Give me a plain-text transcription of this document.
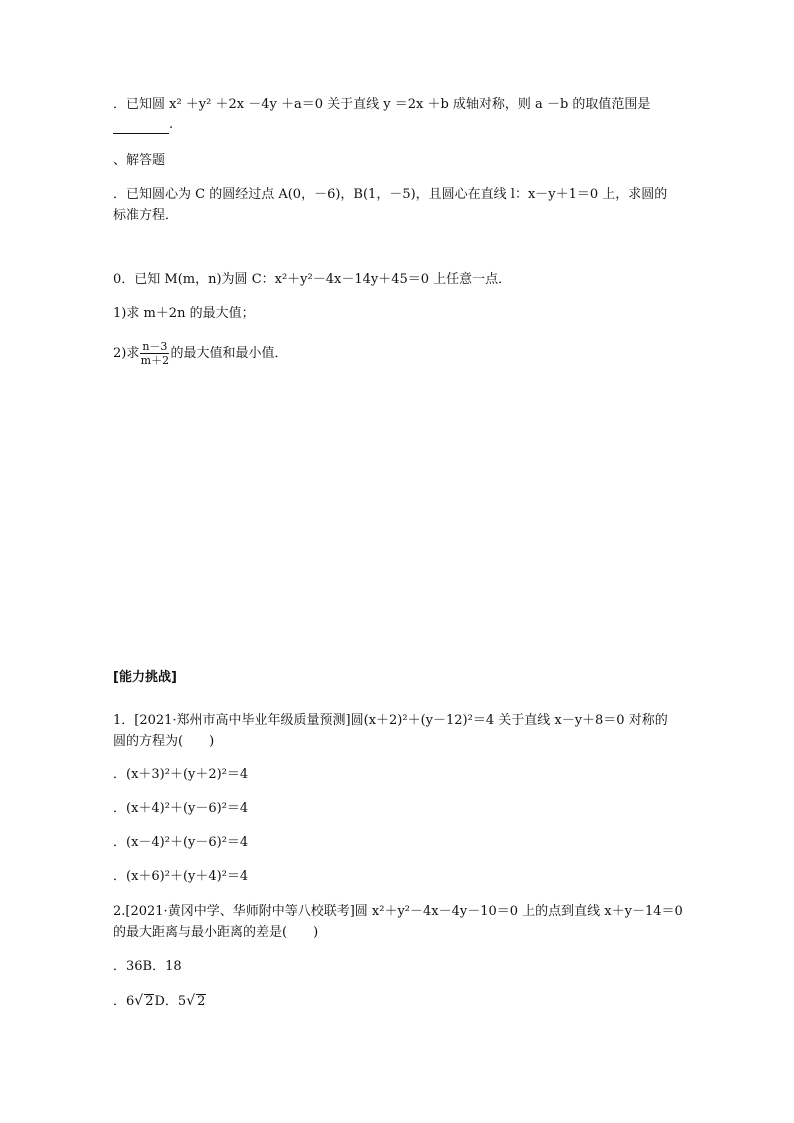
．已知圆 x² ＋y² ＋2x －4y ＋a＝0 关于直线 y ＝2x ＋b 成轴对称，则 a －b 的取值范围是
.
、解答题
．已知圆心为 C 的圆经过点 A(0，－6)，B(1，－5)，且圆心在直线 l：x－y＋1＝0 上，求圆的
标准方程．
0．已知 M(m，n)为圆 C：x²＋y²－4x－14y＋45＝0 上任意一点．
1)求 m＋2n 的最大值；
2)求 $\frac{n-3}{m+2}$ 的最大值和最小值．
[能力挑战]
1．[2021·郑州市高中毕业年级质量预测]圆(x＋2)²＋(y－12)²＝4 关于直线 x－y＋8＝0 对称的
圆的方程为(　　)
．(x＋3)²＋(y＋2)²＝4
．(x＋4)²＋(y－6)²＝4
．(x－4)²＋(y－6)²＝4
．(x＋6)²＋(y＋4)²＝4
2.[2021·黄冈中学、华师附中等八校联考]圆 x²＋y²－4x－4y－10＝0 上的点到直线 x＋y－14＝0
的最大距离与最小距离的差是(　　)
．36B．18
．6√ 2D．5√ 2
